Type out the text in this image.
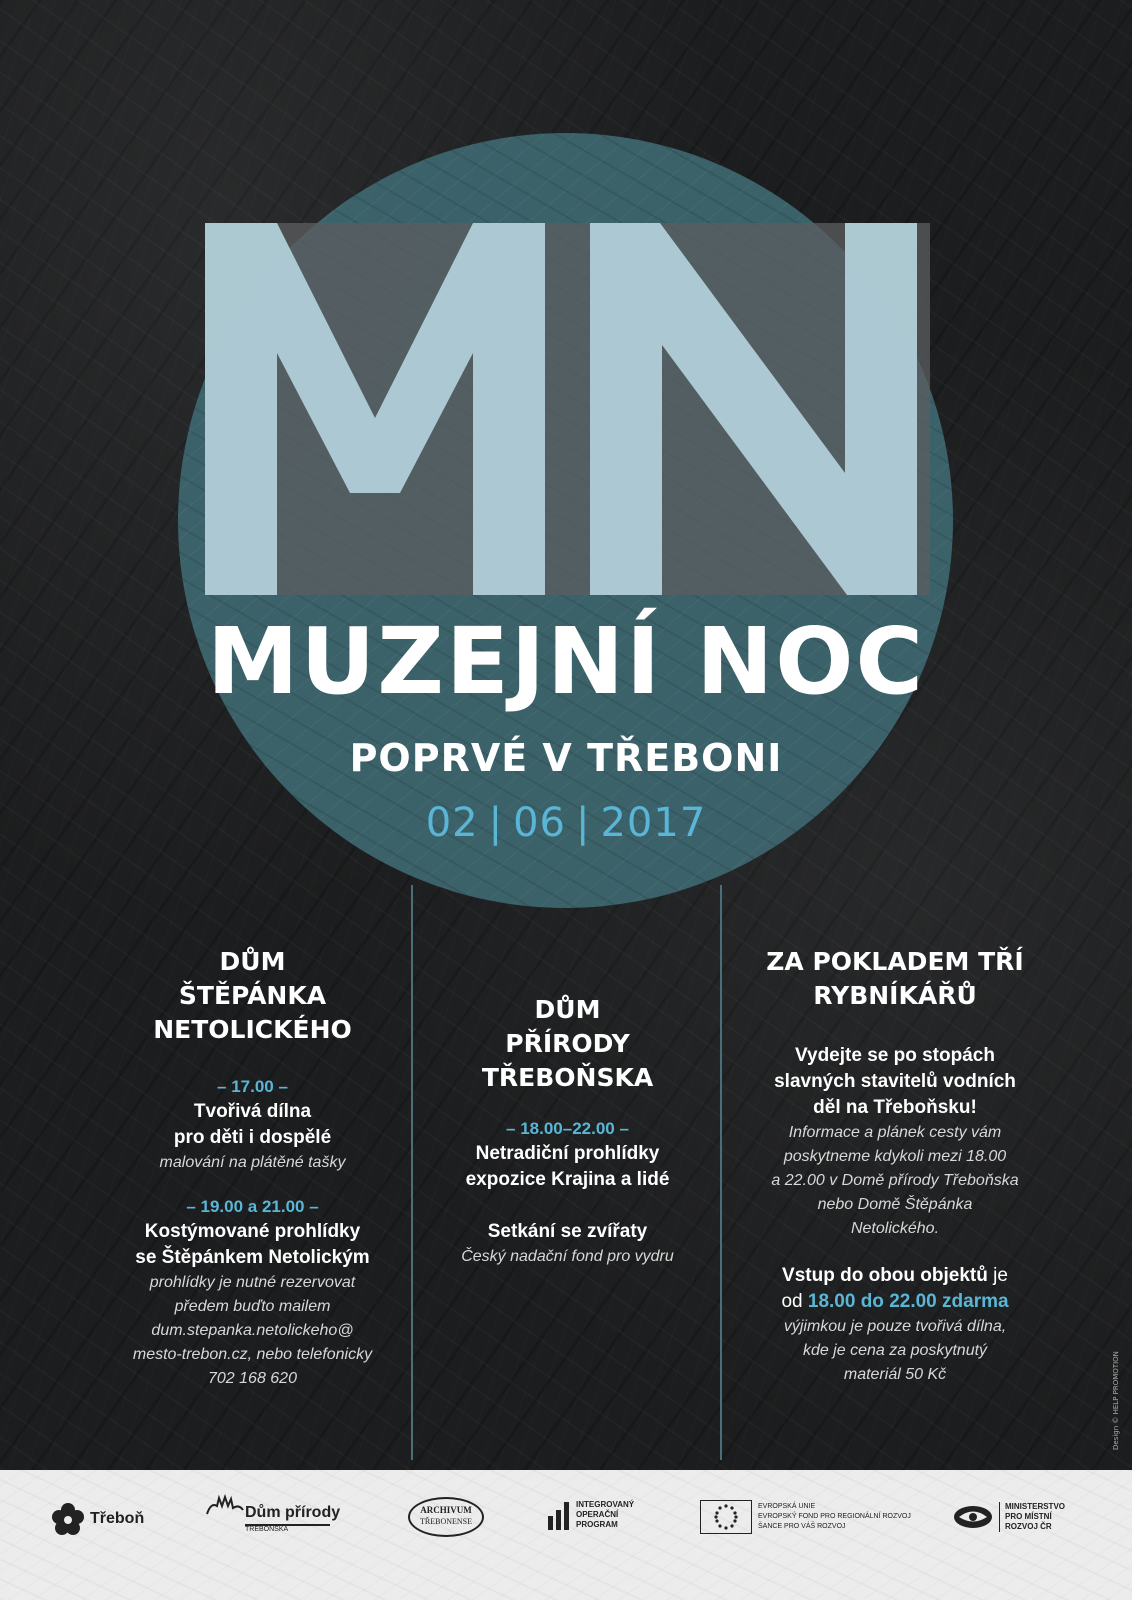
MUZEJNÍ NOC
POPRVÉ V TŘEBONI
02 | 06 | 2017
DŮM
ŠTĚPÁNKA
NETOLICKÉHO
– 17.00 –
Tvořivá dílna
pro děti i dospělé
malování na plátěné tašky
– 19.00 a 21.00 –
Kostýmované prohlídky
se Štěpánkem Netolickým
prohlídky je nutné rezervovat
předem buďto mailem
dum.stepanka.netolickeho@
mesto-trebon.cz, nebo telefonicky
702 168 620
DŮM
PŘÍRODY
TŘEBOŇSKA
– 18.00–22.00 –
Netradiční prohlídky
expozice Krajina a lidé
Setkání se zvířaty
Český nadační fond pro vydru
ZA POKLADEM TŘÍ
RYBNÍKÁŘŮ
Vydejte se po stopách
slavných stavitelů vodních
děl na Třeboňsku!
Informace a plánek cesty vám
poskytneme kdykoli mezi 18.00
a 22.00 v Domě přírody Třeboňska
nebo Domě Štěpánka
Netolického.
Vstup do obou objektů je
od 18.00 do 22.00 zdarma
výjimkou je pouze tvořivá dílna,
kde je cena za poskytnutý
materiál 50 Kč	Design © HELP PROMOTION
Třeboň	Dům přírody
TŘEBOŇSKA
ARCHIVUM
TŘEBONENSE
INTEGROVANÝ
OPERAČNÍ
PROGRAM
EVROPSKÁ UNIE
EVROPSKÝ FOND PRO REGIONÁLNÍ ROZVOJ
ŠANCE PRO VÁŠ ROZVOJ
MINISTERSTVO
PRO MÍSTNÍ
ROZVOJ ČR
